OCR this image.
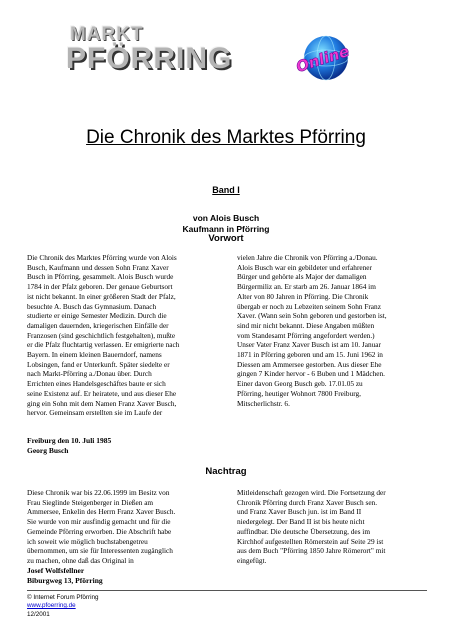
MARKT
PFÖRRING	Online
Die Chronik des Marktes Pförring
Band I
von Alois Busch
Kaufmann in Pförring
Vorwort
Die Chronik des Marktes Pförring wurde von Alois
Busch, Kaufmann und dessen Sohn Franz Xaver
Busch in Pförring, gesammelt. Alois Busch wurde
1784 in der Pfalz geboren. Der genaue Geburtsort
ist nicht bekannt. In einer größeren Stadt der Pfalz,
besuchte A. Busch das Gymnasium. Danach
studierte er einige Semester Medizin. Durch die
damaligen dauernden, kriegerischen Einfälle der
Franzosen (sind geschichtlich festgehalten), mußte
er die Pfalz fluchtartig verlassen. Er emigrierte nach
Bayern. In einem kleinen Bauerndorf, namens
Lobsingen, fand er Unterkunft. Später siedelte er
nach Markt-Pförring a./Donau über. Durch
Errichten eines Handelsgeschäftes baute er sich
seine Existenz auf. Er heiratete, und aus dieser Ehe
ging ein Sohn mit dem Namen Franz Xaver Busch,
hervor. Gemeinsam erstellten sie im Laufe der
vielen Jahre die Chronik von Pförring a./Donau.
Alois Busch war ein gebildeter und erfahrener
Bürger und gehörte als Major der damaligen
Bürgermiliz an. Er starb am 26. Januar 1864 im
Alter von 80 Jahren in Pförring. Die Chronik
übergab er noch zu Lebzeiten seinem Sohn Franz
Xaver. (Wann sein Sohn geboren und gestorben ist,
sind mir nicht bekannt. Diese Angaben müßten
vom Standesamt Pförring angefordert werden.)
Unser Vater Franz Xaver Busch ist am 10. Januar
1871 in Pförring geboren und am 15. Juni 1962 in
Diessen am Ammersee gestorben. Aus dieser Ehe
gingen 7 Kinder hervor - 6 Buben und 1 Mädchen.
Einer davon Georg Busch geb. 17.01.05 zu
Pförring, heutiger Wohnort 7800 Freiburg,
Mitscherlichstr. 6.
Freiburg den 10. Juli 1985
Georg Busch
Nachtrag
Diese Chronik war bis 22.06.1999 im Besitz von
Frau Sieglinde Steigenberger in Dießen am
Ammersee, Enkelin des Herrn Franz Xaver Busch.
Sie wurde von mir ausfindig gemacht und für die
Gemeinde Pförring erworben. Die Abschrift habe
ich soweit wie möglich buchstabengetreu
übernommen, um sie für Interessenten zugänglich
zu machen, ohne daß das Original in
Mitleidenschaft gezogen wird. Die Fortsetzung der
Chronik Pförring durch Franz Xaver Busch sen.
und Franz Xaver Busch jun. ist im Band II
niedergelegt. Der Band II ist bis heute nicht
auffindbar. Die deutsche Übersetzung, des im
Kirchhof aufgestellten Römerstein auf Seite 29 ist
aus dem Buch "Pförring 1850 Jahre Römerort" mit
eingefügt.
Josef Wolfsfellner
Biburgweg 13, Pförring
© Internet Forum Pförring
www.pfoerring.de
12/2001
